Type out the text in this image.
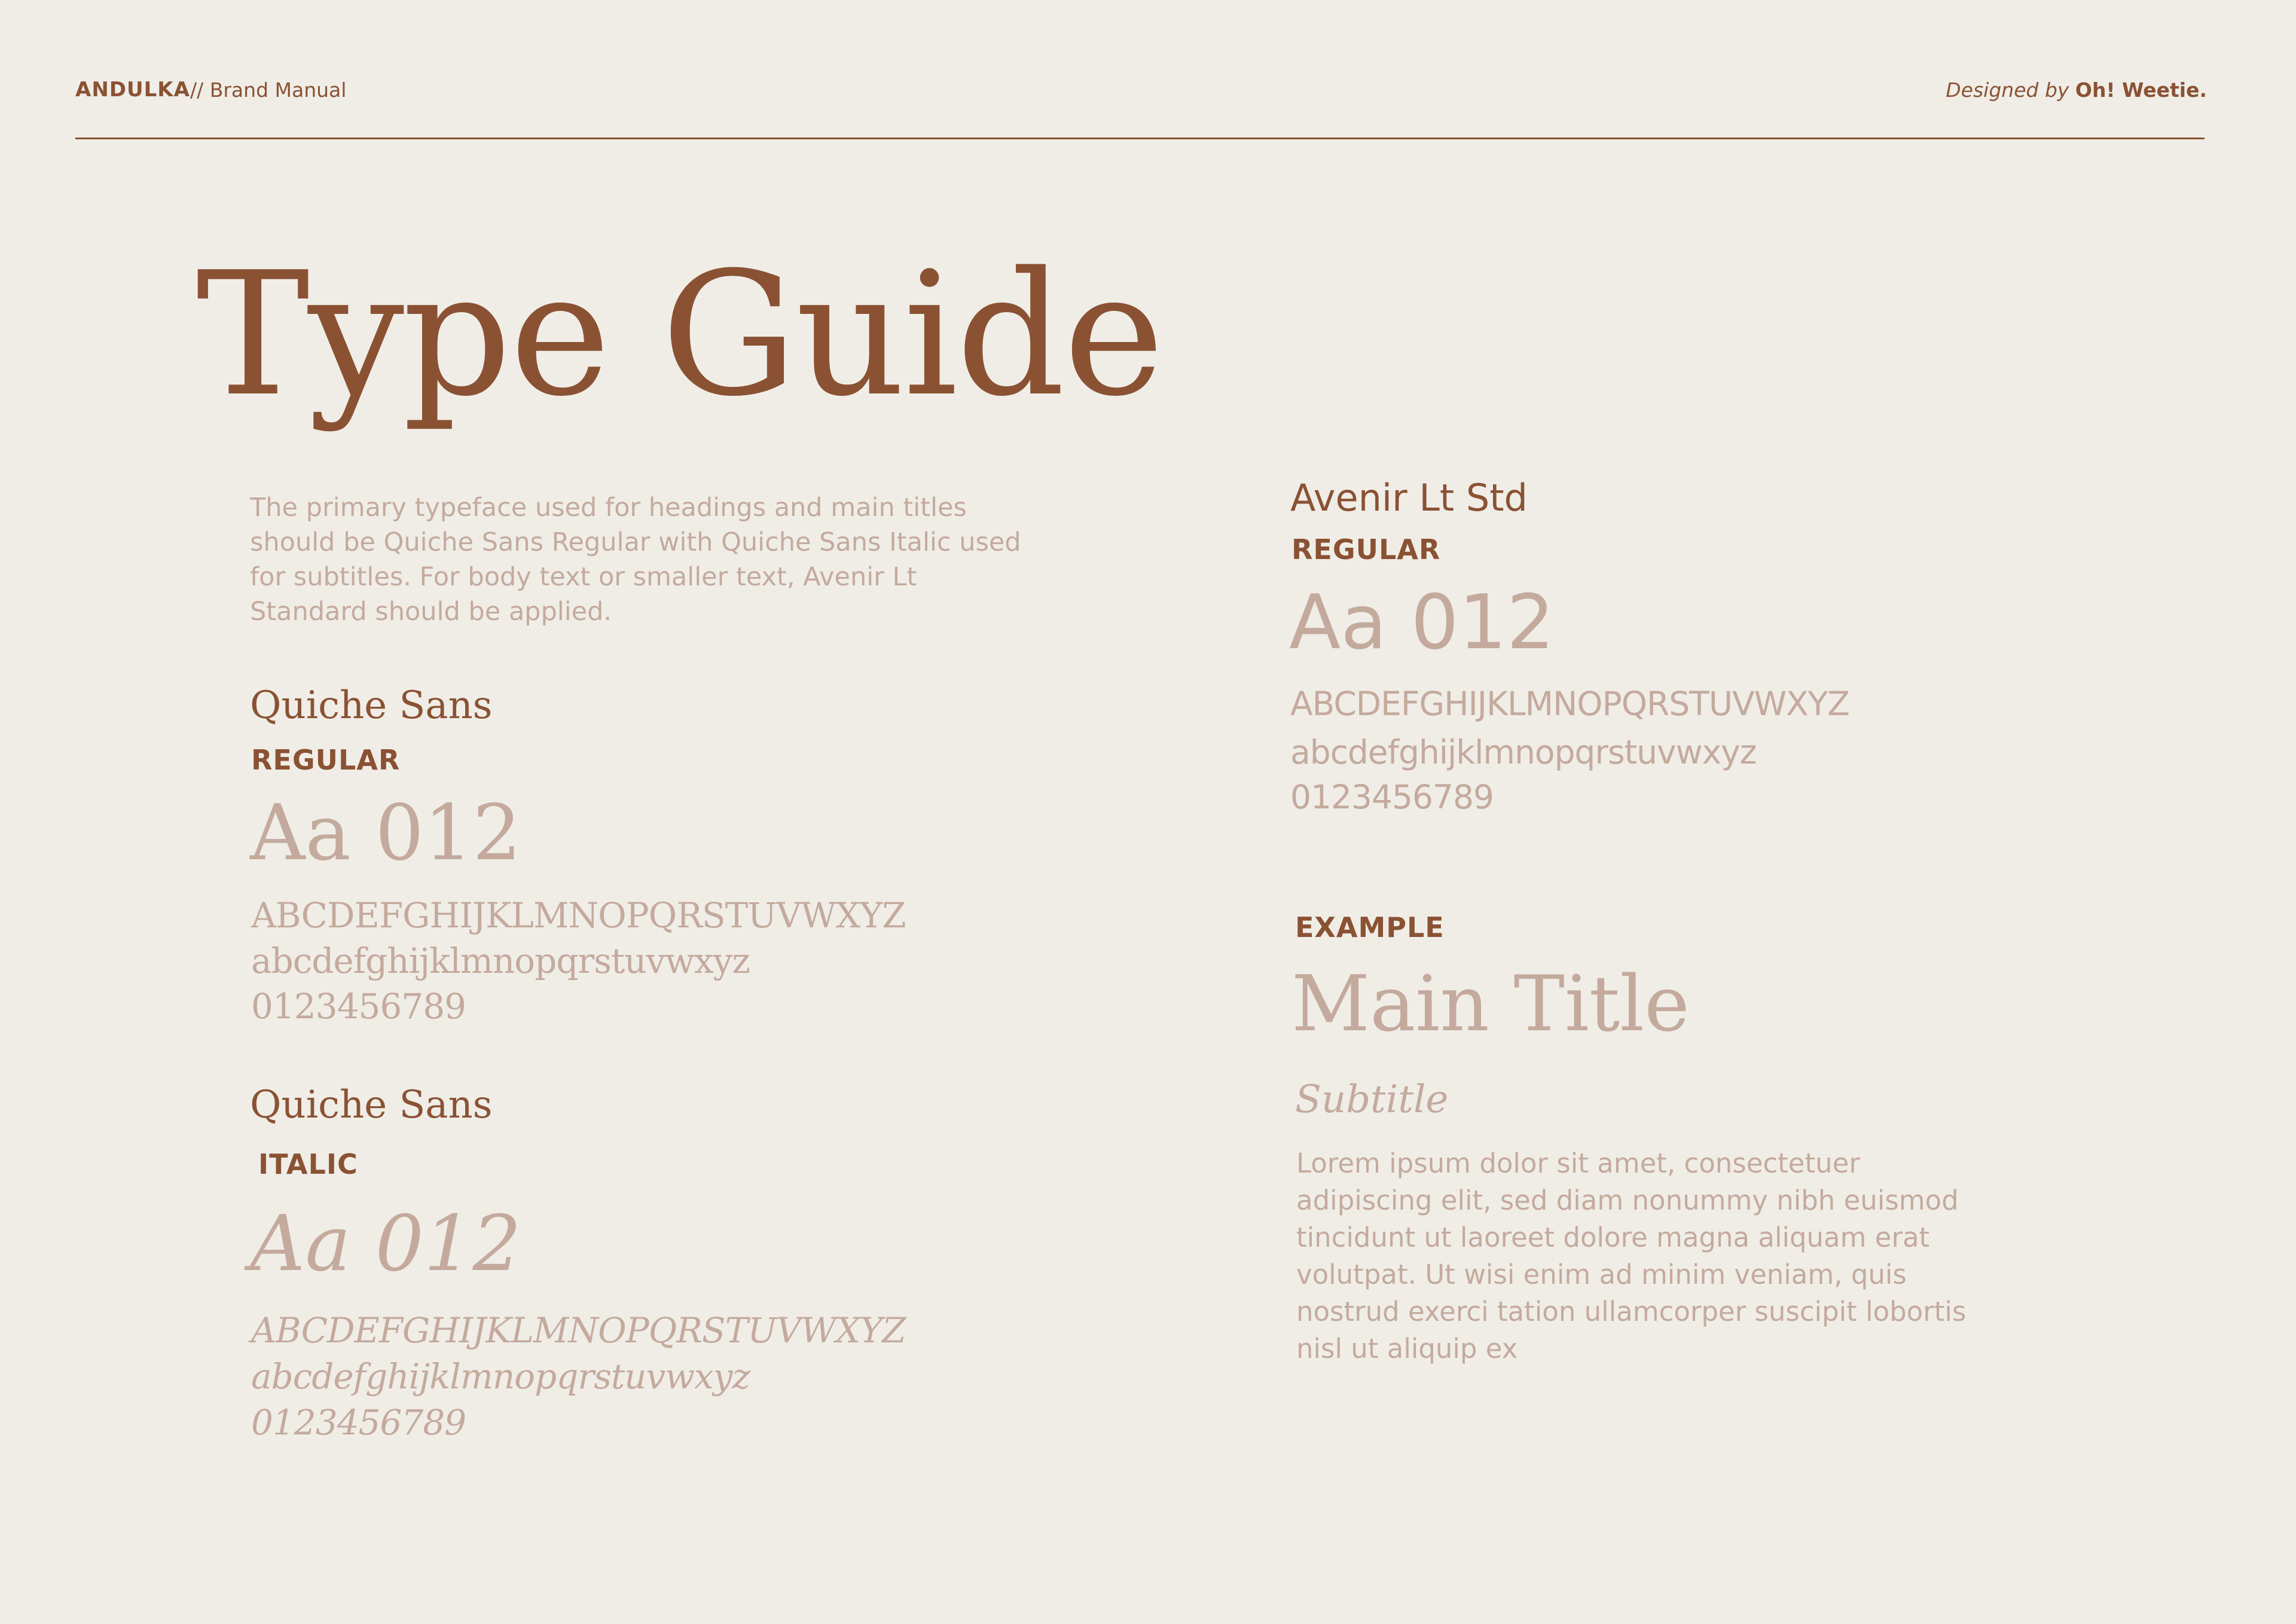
ANDULKA // Brand Manual	Designed by Oh! Weetie.
Type Guide
The primary typeface used for headings and main titles should be Quiche Sans Regular with Quiche Sans Italic used for subtitles. For body text or smaller text, Avenir Lt Standard should be applied.
Quiche Sans
REGULAR
Aa 012
ABCDEFGHIJKLMNOPQRSTUVWXYZ
abcdefghijklmnopqrstuvwxyz
0123456789
Quiche Sans
ITALIC
Aa 012
ABCDEFGHIJKLMNOPQRSTUVWXYZ
abcdefghijklmnopqrstuvwxyz
0123456789
Avenir Lt Std
REGULAR
Aa 012
ABCDEFGHIJKLMNOPQRSTUVWXYZ
abcdefghijklmnopqrstuvwxyz
0123456789
EXAMPLE
Main Title
Subtitle
Lorem ipsum dolor sit amet, consectetuer adipiscing elit, sed diam nonummy nibh euismod tincidunt ut laoreet dolore magna aliquam erat volutpat. Ut wisi enim ad minim veniam, quis nostrud exerci tation ullamcorper suscipit lobortis nisl ut aliquip ex
